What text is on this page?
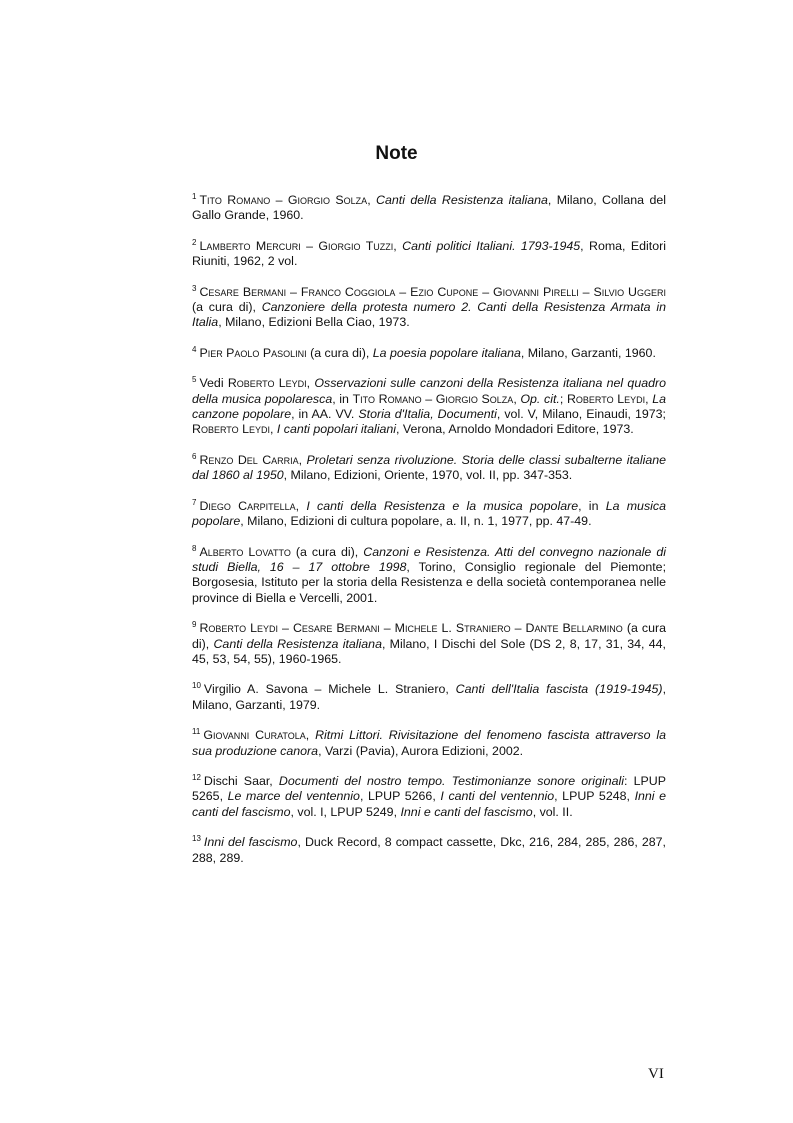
Note

$^1$ Tito Romano – Giorgio Solza, Canti della Resistenza italiana, Milano, Collana del Gallo Grande, 1960.

$^2$ Lamberto Mercuri – Giorgio Tuzzi, Canti politici Italiani. 1793-1945, Roma, Editori Riuniti, 1962, 2 vol.

$^3$ Cesare Bermani – Franco Coggiola – Ezio Cupone – Giovanni Pirelli – Silvio Uggeri (a cura di), Canzoniere della protesta numero 2. Canti della Resistenza Armata in Italia, Milano, Edizioni Bella Ciao, 1973.

$^4$ Pier Paolo Pasolini (a cura di), La poesia popolare italiana, Milano, Garzanti, 1960.

$^5$ Vedi Roberto Leydi, Osservazioni sulle canzoni della Resistenza italiana nel quadro della musica popolaresca, in Tito Romano – Giorgio Solza, Op. cit.; Roberto Leydi, La canzone popolare, in AA. VV. Storia d'Italia, Documenti, vol. V, Milano, Einaudi, 1973; Roberto Leydi, I canti popolari italiani, Verona, Arnoldo Mondadori Editore, 1973.

$^6$ Renzo Del Carria, Proletari senza rivoluzione. Storia delle classi subalterne italiane dal 1860 al 1950, Milano, Edizioni, Oriente, 1970, vol. II, pp. 347-353.

$^7$ Diego Carpitella, I canti della Resistenza e la musica popolare, in La musica popolare, Milano, Edizioni di cultura popolare, a. II, n. 1, 1977, pp. 47-49.

$^8$ Alberto Lovatto (a cura di), Canzoni e Resistenza. Atti del convegno nazionale di studi Biella, 16 – 17 ottobre 1998, Torino, Consiglio regionale del Piemonte; Borgosesia, Istituto per la storia della Resistenza e della società contemporanea nelle province di Biella e Vercelli, 2001.

$^9$ Roberto Leydi – Cesare Bermani – Michele L. Straniero – Dante Bellarmino (a cura di), Canti della Resistenza italiana, Milano, I Dischi del Sole (DS 2, 8, 17, 31, 34, 44, 45, 53, 54, 55), 1960-1965.

$^{10}$ Virgilio A. Savona – Michele L. Straniero, Canti dell'Italia fascista (1919-1945), Milano, Garzanti, 1979.

$^{11}$ Giovanni Curatola, Ritmi Littori. Rivisitazione del fenomeno fascista attraverso la sua produzione canora, Varzi (Pavia), Aurora Edizioni, 2002.

$^{12}$ Dischi Saar, Documenti del nostro tempo. Testimonianze sonore originali: LPUP 5265, Le marce del ventennio, LPUP 5266, I canti del ventennio, LPUP 5248, Inni e canti del fascismo, vol. I, LPUP 5249, Inni e canti del fascismo, vol. II.

$^{13}$ Inni del fascismo, Duck Record, 8 compact cassette, Dkc, 216, 284, 285, 286, 287, 288, 289.

VI
